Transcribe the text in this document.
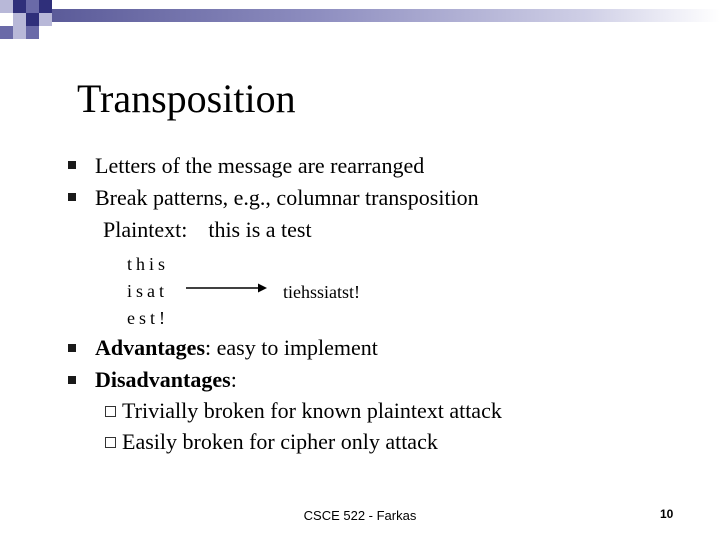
Transposition
Letters of the message are rearranged
Break patterns, e.g., columnar transposition
Plaintext: this is a test
this
isat
est!
tiehssiatst!
Advantages: easy to implement
Disadvantages:
Trivially broken for known plaintext attack
Easily broken for cipher only attack
CSCE 522 - Farkas	10
